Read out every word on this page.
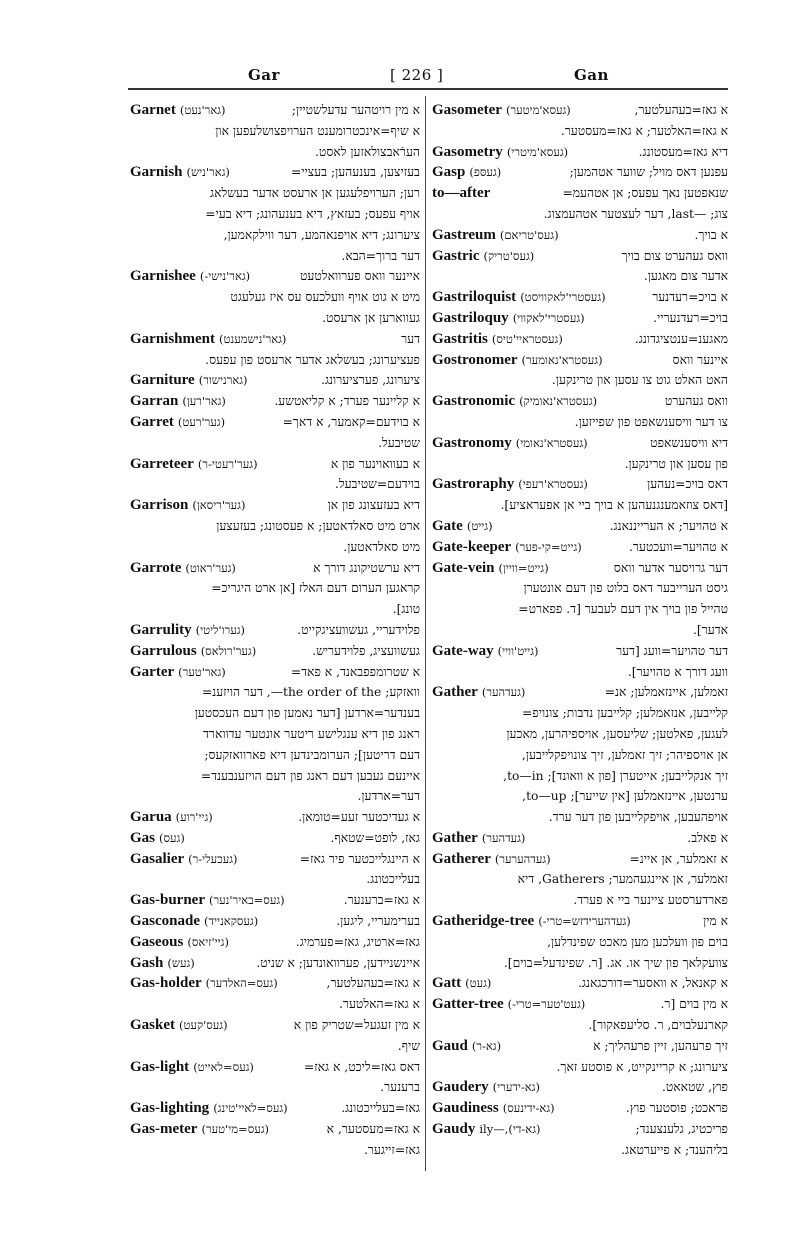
Gar	[ 226 ]	Gan
Garnet (גאר'נעט)	א מין רויטהער עדעלשטיין;
א שיף=אינכטרומענט הערויפצושלעפען און
הערֿאבצולאזען לאסט.
Garnish (גאר'ניש)	בעזיצען, בענעהען; בעציי=
רען; הערויפלעגען אן ארעסט אדער בעשלאג
אויף עפעס; בעזאץ, דיא בענעהונג; דיא בעי=
ציערונג; דיא אויפנאהמע, דער ווילקאמען,
דער ברוך=הבא.
Garnishee (גאר'נישי-)	איינער וואס פערוואלטעט
מיט א גוט אויף וועלכעס עס איז געלעגט
געווארען אן ארעסט.
Garnishment (גאר'נישמענט)	דער
פעציערונג; בעשלאג אדער ארעסט פון עפעס.
Garniture (גארנישור)	ציערונג, פערציערונג.
Garran (גאר'רען)	א קליינער פערד; א קליאטשע.
Garret (גער'רעט)	א בוידעם=קאמער, א דאך=
שטיבעל.
Garreteer (גער'רעטי-ר)	א בעוואוינער פון א
בוידעם=שטיבעל.
Garrison (גער'ריסאן)	דיא בעזעצונג פון אן
ארט מיט סאלדאטען; א פעסטונג; בעזעצען
מיט סאלדאטען.
Garrote (גער'ראוט)	דיא ערשטיקונג דורך א
קראגען הערום דעם האלז [אן ארט היגריכ=
טונג].
Garrulity (גערו'ליטי)	פלוידעריי, געשוועציגקייט.
Garrulous (גער'רולאס)	געשוועציג, פלוידעריש.
Garter (גאר'טער)	א שטרומפפבאנד, א פאד=
וואזקע; the order of the—, דער הויזענ=
בענדער=ארדען [דער נאמען פון דעם העכסטען
ראנג פון דיא ענגלישע ריטער אונטער עדווארד
דעם דריטען]; הערומבינדען דיא פארוואזקעס;
איינעם געבען דעם ראנג פון דעם הויזענבענד=
דער=ארדען.
Garua (גיי'רוע)	א געדיכטער זעע=טומאן.
Gas (געס)	גאז, לופט=שטאף.
Gasalier (געכעלי-ר)	א היינגלייכטער פיר גאז=
בעלייכטונג.
Gas-burner (געס=באיר'נער)	א גאז=ברענער.
Gasconade (געסקאנייד)	בערימעריי, ליגען.
Gaseous (גיי'זיאס)	גאז=ארטיג, גאז=פערמיג.
Gash (געש)	איינשניידען, פערוואונדען; א שניט.
Gas-holder (געס=האלדער)	א גאז=בעהעלטער,
א גאז=האלטער.
Gasket (געס'קעט)	א מין זעגעל=שטריק פון א
שיף.
Gas-light (געס=לאייט)	דאס גאז=ליכט, א גאז=
ברענער.
Gas-lighting (געס=לאיי'טינג)	גאז=בעלייכטונג.
Gas-meter (געס=מי'טער)	א גאז=מעסטער, א
גאז=זייגער.
Gasometer (געסא'מיטער)	א גאז=בעהעלטער,
א גאז=האלטער; א גאז=מעסטער.
Gasometry (געסא'מיטרי)	דיא גאז=מעסטונג.
Gasp (געסּפ)	עפנען דאס מויל; שווער אטהמען;
to—after	שנאפטען נאך עפעס; אן אטהעמ=
צוג; —last, דער לעצטער אטהעמצוג.
Gastreum (געס'טריאם)	א בויך.
Gastric (געס'טריק)	וואס געהערט צום בויך
אדער צום מאגען.
Gastriloquist (געסטרי'לאקוויסט)	א בויכ=רעדנער
Gastriloquy (געסטרי'לאקווי)	בויכ=רעדנעריי.
Gastritis (געסטראיי'טיס)	מאגענ=ענטציגדונג.
Gostronomer (געסטרא'נאומער)	איינער וואס
האט האלט גוט צו עסען און טרינקען.
Gastronomic (געסטרא'נאומיק)	וואס געהערט
צו דער וויסענשאפט פון שפייזען.
Gastronomy (געסטרא'נאומי)	דיא וויסענשאפט
פון עסען און טרינקען.
Gastroraphy (געסטרא'רעפי)	דאס בויכ=נעהען
[דאס צוזאמענגנעהען א בויך ביי אן אפעראציע].
Gate (גייט)	א טהויער; א הערייננאנג.
Gate-keeper (גייט=קי-פער)	א טהויער=וועכטער.
Gate-vein (גייט=וויין)	דער גרויסער אדער וואס
גיסט הערייבער דאס בלוט פון דעם אונטערן
טהייל פון בויך אין דעם לעבער [ד. פפארט=
אדער].
Gate-way (גייט'וויי)	דער טהויער=וועג [דער
וועג דורך א טהויער].
Gather (געדהער)	זאמלען, איינזאמלען; אנ=
קלייבען, אנזאמלען; קלייבען נדבות; צונויפ=
לעגען, פאלטען; שליעסען, אויספיהרען, מאכען
אן אויספיהר; זיך זאמלען, זיך צונויפקלייבען,
זיך אנקלייבען; אייטערן [פון א וואונד]; to—in,
ערנטען, איינזאמלען [אין שייער]; to—up,
אויפהעבען, אויפקלייבען פון דער ערד.
Gather (געדהער)	א פאלב.
Gatherer (געדהערער)	א זאמלער, אן איינ=
זאמלער, אן איינגעהמער; Gatherers, דיא
פארדערסטע ציינער ביי א פערד.
Gatheridge-tree (געדהערידזש=טרי-)	א מין
בוים פון וועלכען מען מאכט שפינדלען,
צוועקלאך פון שיך או. אג. [ר. שפינדעל=בוים].
Gatt (געט)	א קאנאל, א וואסער=דורכגאנג.
Gatter-tree (געט'טער=טרי-)	א מין בוים [ר.
קארנעלבוים, ר. סליעפאקור].
Gaud (גא-ר)	זיך פרעהען, זיין פרעהליך; א
ציערונג; א קריינקייט, א פוסטע זאך.
Gaudery (גא-ידערי)	פוץ, שטאאט.
Gaudiness (גא-ידינעס)	פראכט; פוסטער פוץ.
Gaudy (גא-די),—ily	פריכטיג, גלענצענד;
בליהענד; א פייערטאג.
